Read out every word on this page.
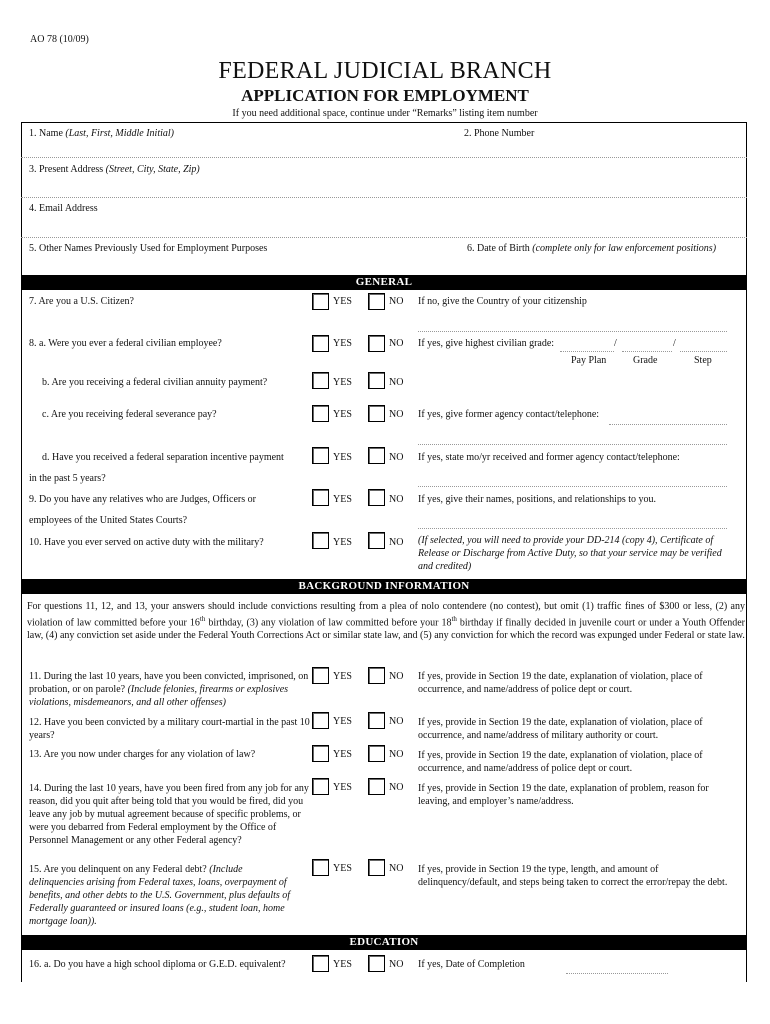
AO 78 (10/09)
FEDERAL JUDICIAL BRANCH
APPLICATION FOR EMPLOYMENT
If you need additional space, continue under “Remarks” listing item number
1. Name (Last, First, Middle Initial)	2. Phone Number
3. Present Address (Street, City, State, Zip)
4. Email Address
5. Other Names Previously Used for Employment Purposes	6. Date of Birth (complete only for law enforcement positions)
GENERAL
7. Are you a U.S. Citizen?	YES	NO If no, give the Country of your citizenship
8. a. Were you ever a federal civilian employee?	YES	NO If yes, give highest civilian grade:	/	/
Pay Plan	Grade	Step
b. Are you receiving a federal civilian annuity payment?	YES	NO
c. Are you receiving federal severance pay?	YES	NO If yes, give former agency contact/telephone:
d. Have you received a federal separation incentive payment
in the past 5 years?
YES	NO If yes, state mo/yr received and former agency contact/telephone:
9. Do you have any relatives who are Judges, Officers or
employees of the United States Courts?
YES	NO If yes, give their names, positions, and relationships to you.
10. Have you ever served on active duty with the military?	YES	NO (If selected, you will need to provide your DD-214 (copy 4), Certificate of Release or Discharge from Active Duty, so that your service may be verified and credited)
BACKGROUND INFORMATION
For questions 11, 12, and 13, your answers should include convictions resulting from a plea of nolo contendere (no contest), but omit (1) traffic fines of $300 or less, (2) any violation of law committed before your 16th birthday, (3) any violation of law committed before your 18th birthday if finally decided in juvenile court or under a Youth Offender law, (4) any conviction set aside under the Federal Youth Corrections Act or similar state law, and (5) any conviction for which the record was expunged under Federal or state law.
11. During the last 10 years, have you been convicted, imprisoned, on probation, or on parole? (Include felonies, firearms or explosives violations, misdemeanors, and all other offenses)
YES	NO If yes, provide in Section 19 the date, explanation of violation, place of occurrence, and name/address of police dept or court.
12. Have you been convicted by a military court-martial in the past 10 years?
YES	NO If yes, provide in Section 19 the date, explanation of violation, place of occurrence, and name/address of military authority or court.
13. Are you now under charges for any violation of law?	YES	NO If yes, provide in Section 19 the date, explanation of violation, place of occurrence, and name/address of police dept or court.
14. During the last 10 years, have you been fired from any job for any reason, did you quit after being told that you would be fired, did you leave any job by mutual agreement because of specific problems, or were you debarred from Federal employment by the Office of Personnel Management or any other Federal agency?
YES	NO If yes, provide in Section 19 the date, explanation of problem, reason for leaving, and employer’s name/address.
15. Are you delinquent on any Federal debt? (Include delinquencies arising from Federal taxes, loans, overpayment of benefits, and other debts to the U.S. Government, plus defaults of Federally guaranteed or insured loans (e.g., student loan, home mortgage loan)).
YES	NO If yes, provide in Section 19 the type, length, and amount of delinquency/default, and steps being taken to correct the error/repay the debt.
EDUCATION
16. a. Do you have a high school diploma or G.E.D. equivalent?	YES	NO If yes, Date of Completion
